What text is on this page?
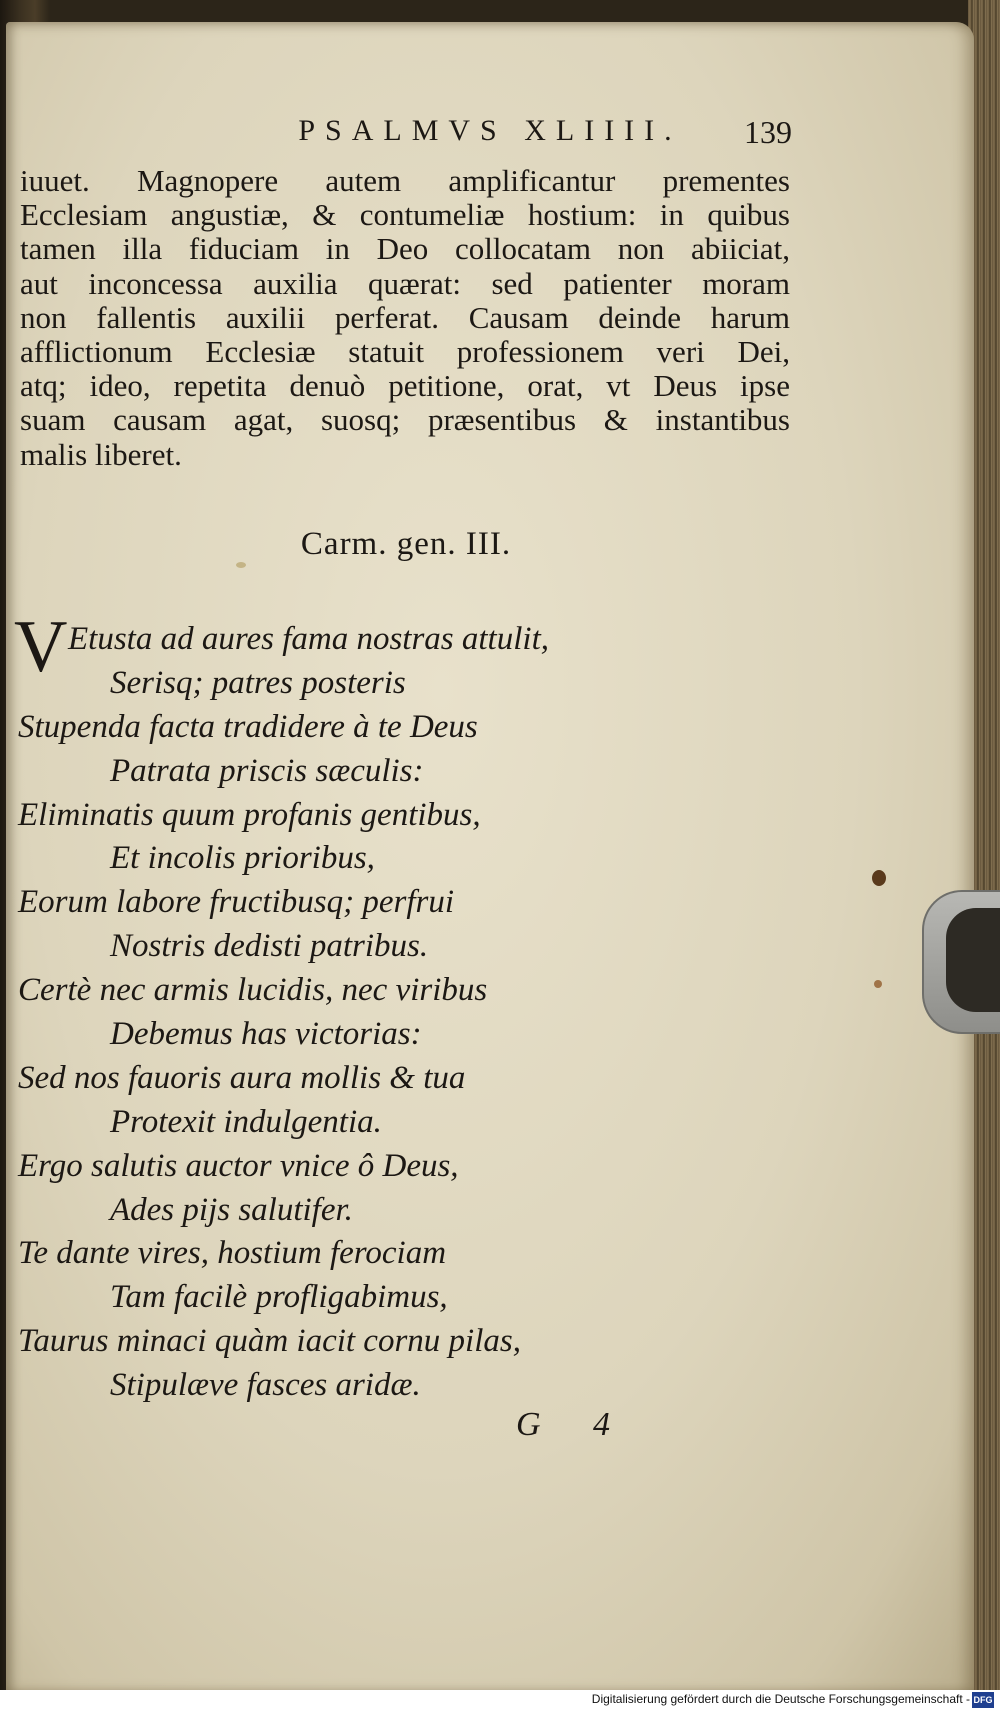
PSALMVS XLIIII.	139
iuuet. Magnopere autem amplificantur prementes
Ecclesiam angustiæ, & contumeliæ hostium: in quibus
tamen illa fiduciam in Deo collocatam non abiiciat,
aut inconcessa auxilia quærat: sed patienter moram
non fallentis auxilii perferat. Causam deinde harum
afflictionum Ecclesiæ statuit professionem veri Dei,
atq; ideo, repetita denuò petitione, orat, vt Deus ipse
suam causam agat, suosq; præsentibus & instantibus
malis liberet.
Carm. gen. III.
V Etusta ad aures fama nostras attulit,
Serisq; patres posteris
Stupenda facta tradidere à te Deus
Patrata priscis sæculis:
Eliminatis quum profanis gentibus,
Et incolis prioribus,
Eorum labore fructibusq; perfrui
Nostris dedisti patribus.
Certè nec armis lucidis, nec viribus
Debemus has victorias:
Sed nos fauoris aura mollis & tua
Protexit indulgentia.
Ergo salutis auctor vnice ô Deus,
Ades pijs salutifer.
Te dante vires, hostium ferociam
Tam facilè profligabimus,
Taurus minaci quàm iacit cornu pilas,
Stipulæve fasces aridæ.
G 4
Digitalisierung gefördert durch die Deutsche Forschungsgemeinschaft - DFG
